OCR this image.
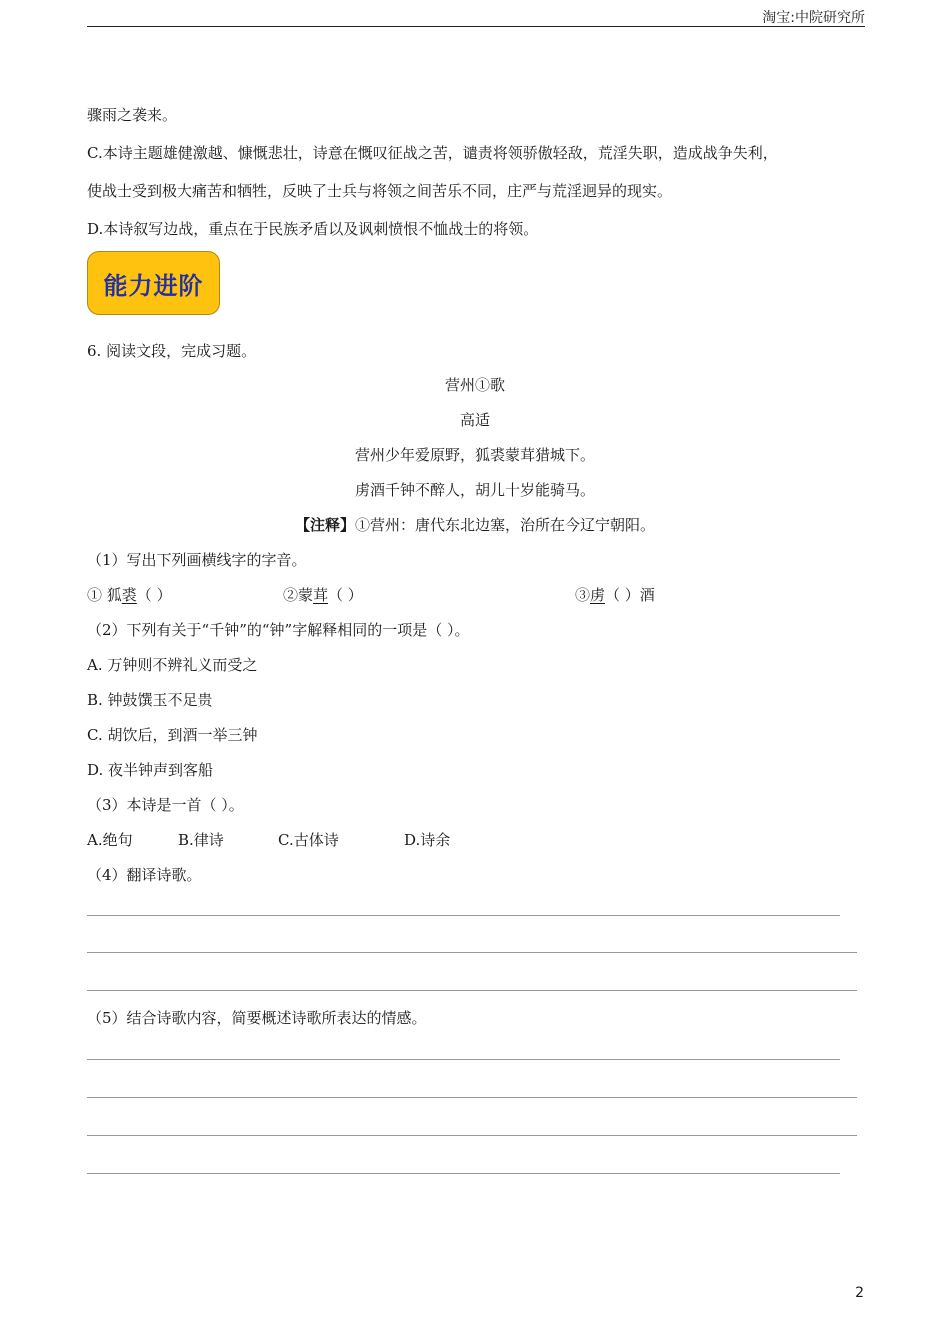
淘宝:中院研究所
骤雨之袭来。
C.本诗主题雄健激越、慷慨悲壮，诗意在慨叹征战之苦，谴责将领骄傲轻敌，荒淫失职，造成战争失利，
使战士受到极大痛苦和牺牲，反映了士兵与将领之间苦乐不同，庄严与荒淫迥异的现实。
D.本诗叙写边战，重点在于民族矛盾以及讽刺愤恨不恤战士的将领。
能力进阶
6. 阅读文段，完成习题。
营州①歌
高适
营州少年爱原野，狐裘蒙茸猎城下。
虏酒千钟不醉人，胡儿十岁能骑马。
【注释】①营州：唐代东北边塞，治所在今辽宁朝阳。
（1）写出下列画横线字的字音。
① 狐裘（ ）	②蒙茸（ ）	③虏（ ）酒
（2）下列有关于“千钟”的“钟”字解释相同的一项是（ ）。
A. 万钟则不辨礼义而受之
B. 钟鼓馔玉不足贵
C. 胡饮后，到酒一举三钟
D. 夜半钟声到客船
（3）本诗是一首（ ）。
A.绝句	B.律诗	C.古体诗	D.诗余
（4）翻译诗歌。
（5）结合诗歌内容，简要概述诗歌所表达的情感。
2
